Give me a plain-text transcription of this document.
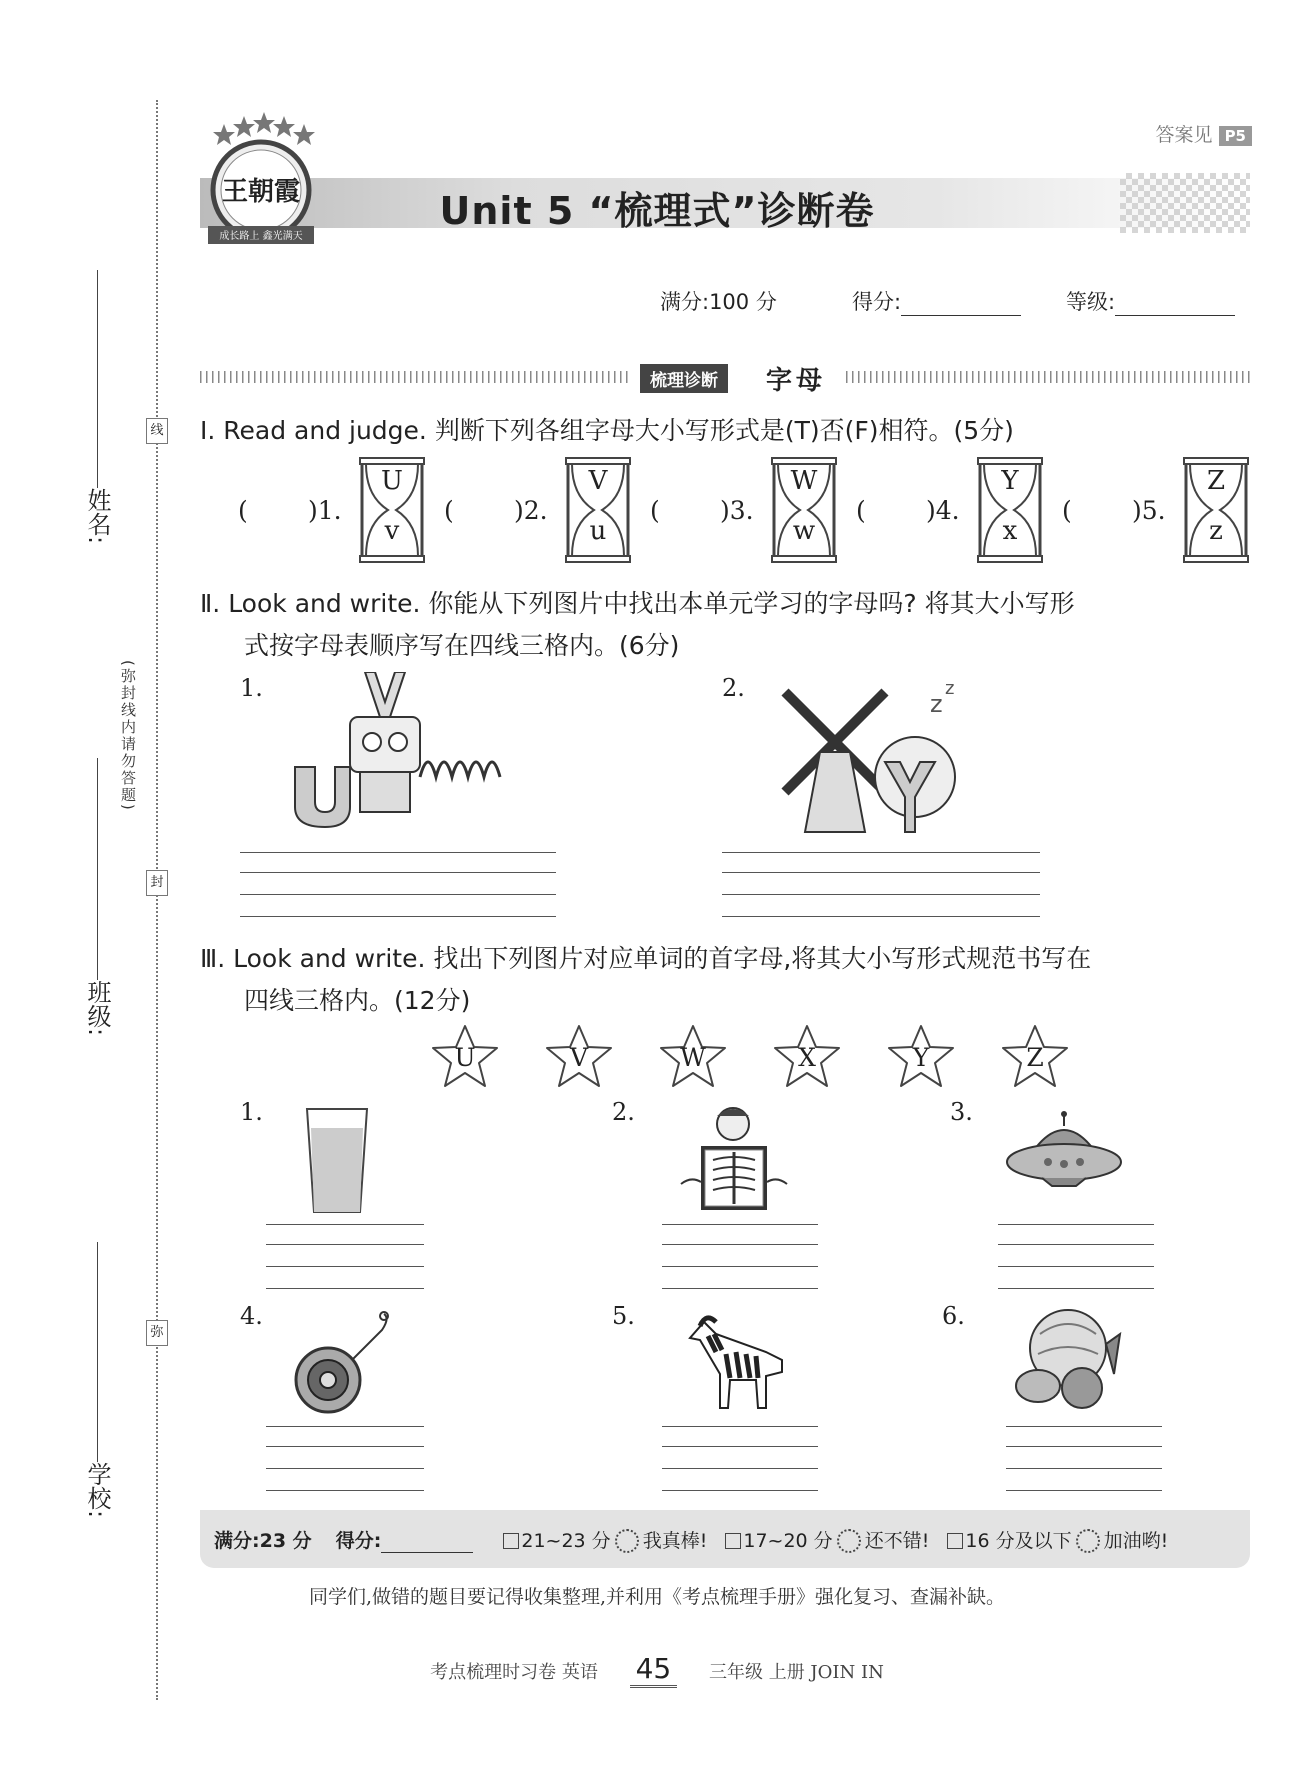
线
封
弥
(弥封线内请勿答题)
姓名:
班级:
学校:
答案见 P5
王朝霞
成长路上 鑫光满天
Unit 5 “梳理式”诊断卷
满分:100 分	得分:	等级:
梳理诊断	字母
Ⅰ. Read and judge. 判断下列各组字母大小写形式是(T)否(F)相符。(5分)
( )1.
U
v
( )2.
V
u
( )3.
W
w
( )4.
Y
x
( )5.
Z
z
Ⅱ. Look and write. 你能从下列图片中找出本单元学习的字母吗? 将其大小写形
式按字母表顺序写在四线三格内。(6分)
1.	2.
z
z
Ⅲ. Look and write. 找出下列图片对应单词的首字母,将其大小写形式规范书写在
四线三格内。(12分)
U	V	W	X	Y	Z
1.	2.	3.
4.	5.	6.
满分:23 分 得分:	21~23 分 我真棒! 17~20 分 还不错! 16 分及以下 加油哟!
同学们,做错的题目要记得收集整理,并利用《考点梳理手册》强化复习、查漏补缺。
考点梳理时习卷 英语 45 三年级 上册 JOIN IN
